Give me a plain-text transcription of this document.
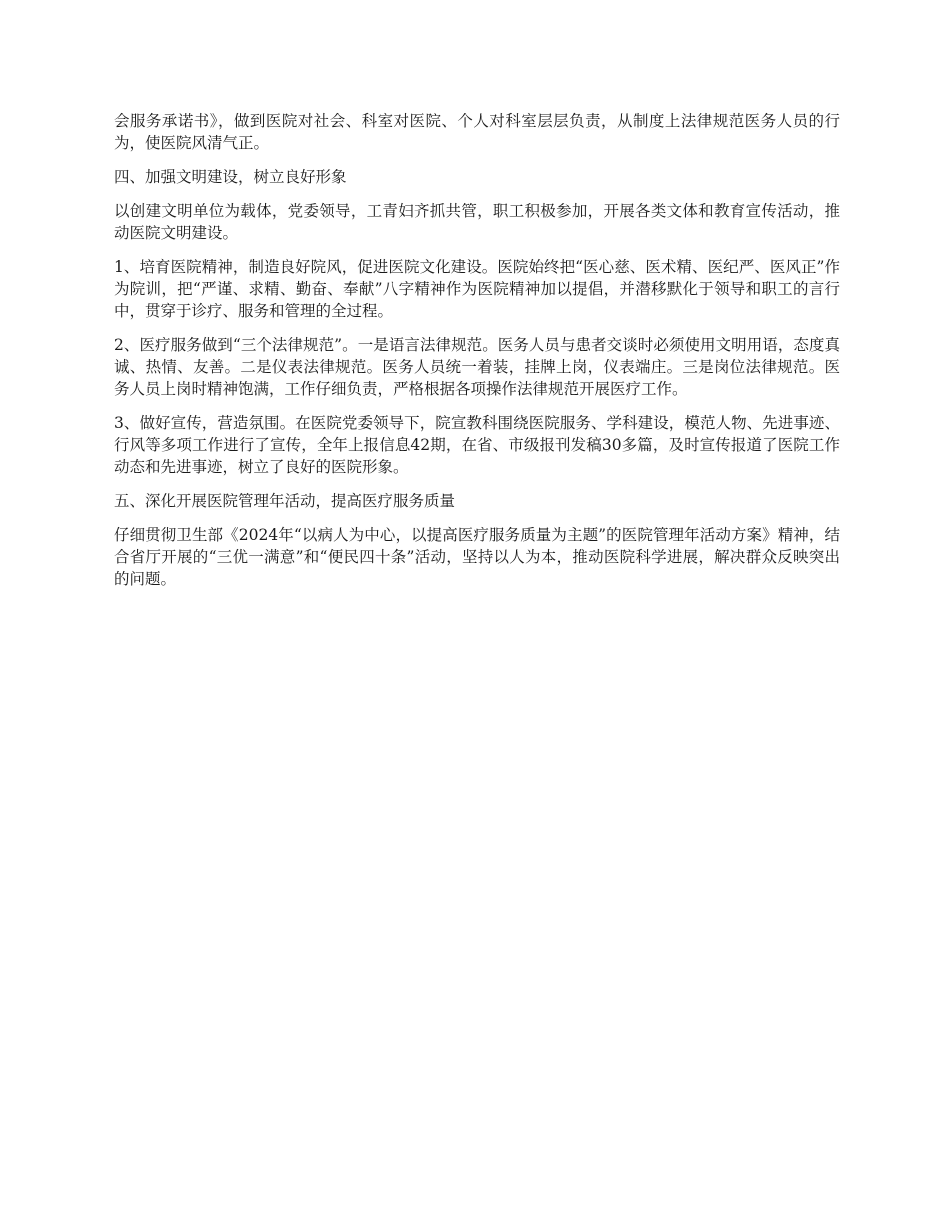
会服务承诺书》，做到医院对社会、科室对医院、个人对科室层层负责，从制度上法律规范医务人员的行为，使医院风清气正。

四、加强文明建设，树立良好形象

以创建文明单位为载体，党委领导，工青妇齐抓共管，职工积极参加，开展各类文体和教育宣传活动，推动医院文明建设。

1、培育医院精神，制造良好院风，促进医院文化建设。医院始终把“医心慈、医术精、医纪严、医风正”作为院训，把“严谨、求精、勤奋、奉献”八字精神作为医院精神加以提倡，并潜移默化于领导和职工的言行中，贯穿于诊疗、服务和管理的全过程。

2、医疗服务做到“三个法律规范”。一是语言法律规范。医务人员与患者交谈时必须使用文明用语，态度真诚、热情、友善。二是仪表法律规范。医务人员统一着装，挂牌上岗，仪表端庄。三是岗位法律规范。医务人员上岗时精神饱满，工作仔细负责，严格根据各项操作法律规范开展医疗工作。

3、做好宣传，营造氛围。在医院党委领导下，院宣教科围绕医院服务、学科建设，模范人物、先进事迹、行风等多项工作进行了宣传，全年上报信息42期，在省、市级报刊发稿30多篇，及时宣传报道了医院工作动态和先进事迹，树立了良好的医院形象。

五、深化开展医院管理年活动，提高医疗服务质量

仔细贯彻卫生部《2024年“以病人为中心，以提高医疗服务质量为主题”的医院管理年活动方案》精神，结合省厅开展的“三优一满意”和“便民四十条”活动，坚持以人为本，推动医院科学进展，解决群众反映突出的问题。
